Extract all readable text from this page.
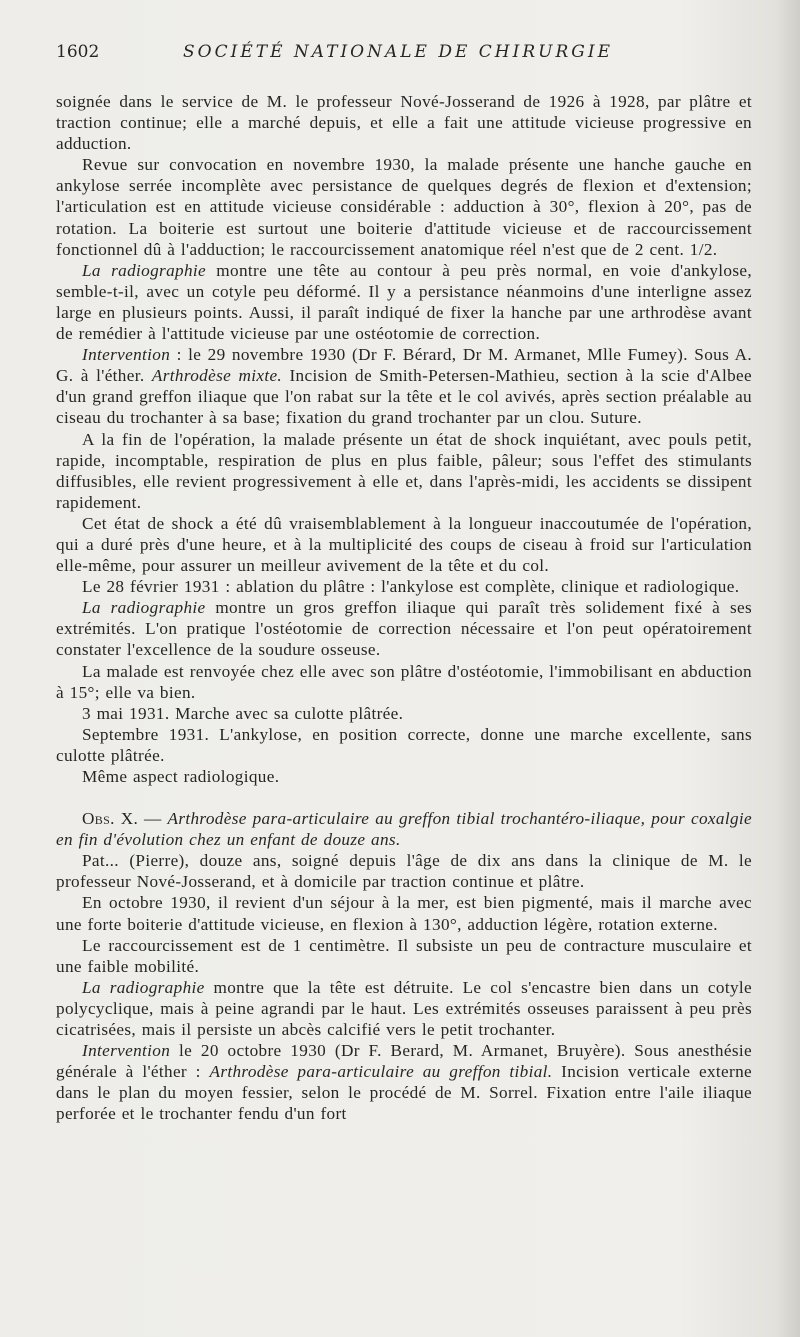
1602	SOCIÉTÉ NATIONALE DE CHIRURGIE

soignée dans le service de M. le professeur Nové-Josserand de 1926 à 1928, par plâtre et traction continue; elle a marché depuis, et elle a fait une attitude vicieuse progressive en adduction.

Revue sur convocation en novembre 1930, la malade présente une hanche gauche en ankylose serrée incomplète avec persistance de quelques degrés de flexion et d'extension; l'articulation est en attitude vicieuse considérable : adduction à 30°, flexion à 20°, pas de rotation. La boiterie est surtout une boiterie d'attitude vicieuse et de raccourcissement fonctionnel dû à l'adduction; le raccourcissement anatomique réel n'est que de 2 cent. 1/2.

La radiographie montre une tête au contour à peu près normal, en voie d'ankylose, semble-t-il, avec un cotyle peu déformé. Il y a persistance néanmoins d'une interligne assez large en plusieurs points. Aussi, il paraît indiqué de fixer la hanche par une arthrodèse avant de remédier à l'attitude vicieuse par une ostéotomie de correction.

Intervention : le 29 novembre 1930 (Dr F. Bérard, Dr M. Armanet, Mlle Fumey). Sous A. G. à l'éther. Arthrodèse mixte. Incision de Smith-Petersen-Mathieu, section à la scie d'Albee d'un grand greffon iliaque que l'on rabat sur la tête et le col avivés, après section préalable au ciseau du trochanter à sa base; fixation du grand trochanter par un clou. Suture.

A la fin de l'opération, la malade présente un état de shock inquiétant, avec pouls petit, rapide, incomptable, respiration de plus en plus faible, pâleur; sous l'effet des stimulants diffusibles, elle revient progressivement à elle et, dans l'après-midi, les accidents se dissipent rapidement.

Cet état de shock a été dû vraisemblablement à la longueur inaccoutumée de l'opération, qui a duré près d'une heure, et à la multiplicité des coups de ciseau à froid sur l'articulation elle-même, pour assurer un meilleur avivement de la tête et du col.

Le 28 février 1931 : ablation du plâtre : l'ankylose est complète, clinique et radiologique.

La radiographie montre un gros greffon iliaque qui paraît très solidement fixé à ses extrémités. L'on pratique l'ostéotomie de correction nécessaire et l'on peut opératoirement constater l'excellence de la soudure osseuse.

La malade est renvoyée chez elle avec son plâtre d'ostéotomie, l'immobilisant en abduction à 15°; elle va bien.

3 mai 1931. Marche avec sa culotte plâtrée.

Septembre 1931. L'ankylose, en position correcte, donne une marche excellente, sans culotte plâtrée.

Même aspect radiologique.

Obs. X. — Arthrodèse para-articulaire au greffon tibial trochantéro-iliaque, pour coxalgie en fin d'évolution chez un enfant de douze ans.

Pat... (Pierre), douze ans, soigné depuis l'âge de dix ans dans la clinique de M. le professeur Nové-Josserand, et à domicile par traction continue et plâtre.

En octobre 1930, il revient d'un séjour à la mer, est bien pigmenté, mais il marche avec une forte boiterie d'attitude vicieuse, en flexion à 130°, adduction légère, rotation externe.

Le raccourcissement est de 1 centimètre. Il subsiste un peu de contracture musculaire et une faible mobilité.

La radiographie montre que la tête est détruite. Le col s'encastre bien dans un cotyle polycyclique, mais à peine agrandi par le haut. Les extrémités osseuses paraissent à peu près cicatrisées, mais il persiste un abcès calcifié vers le petit trochanter.

Intervention le 20 octobre 1930 (Dr F. Berard, M. Armanet, Bruyère). Sous anesthésie générale à l'éther : Arthrodèse para-articulaire au greffon tibial. Incision verticale externe dans le plan du moyen fessier, selon le procédé de M. Sorrel. Fixation entre l'aile iliaque perforée et le trochanter fendu d'un fort
